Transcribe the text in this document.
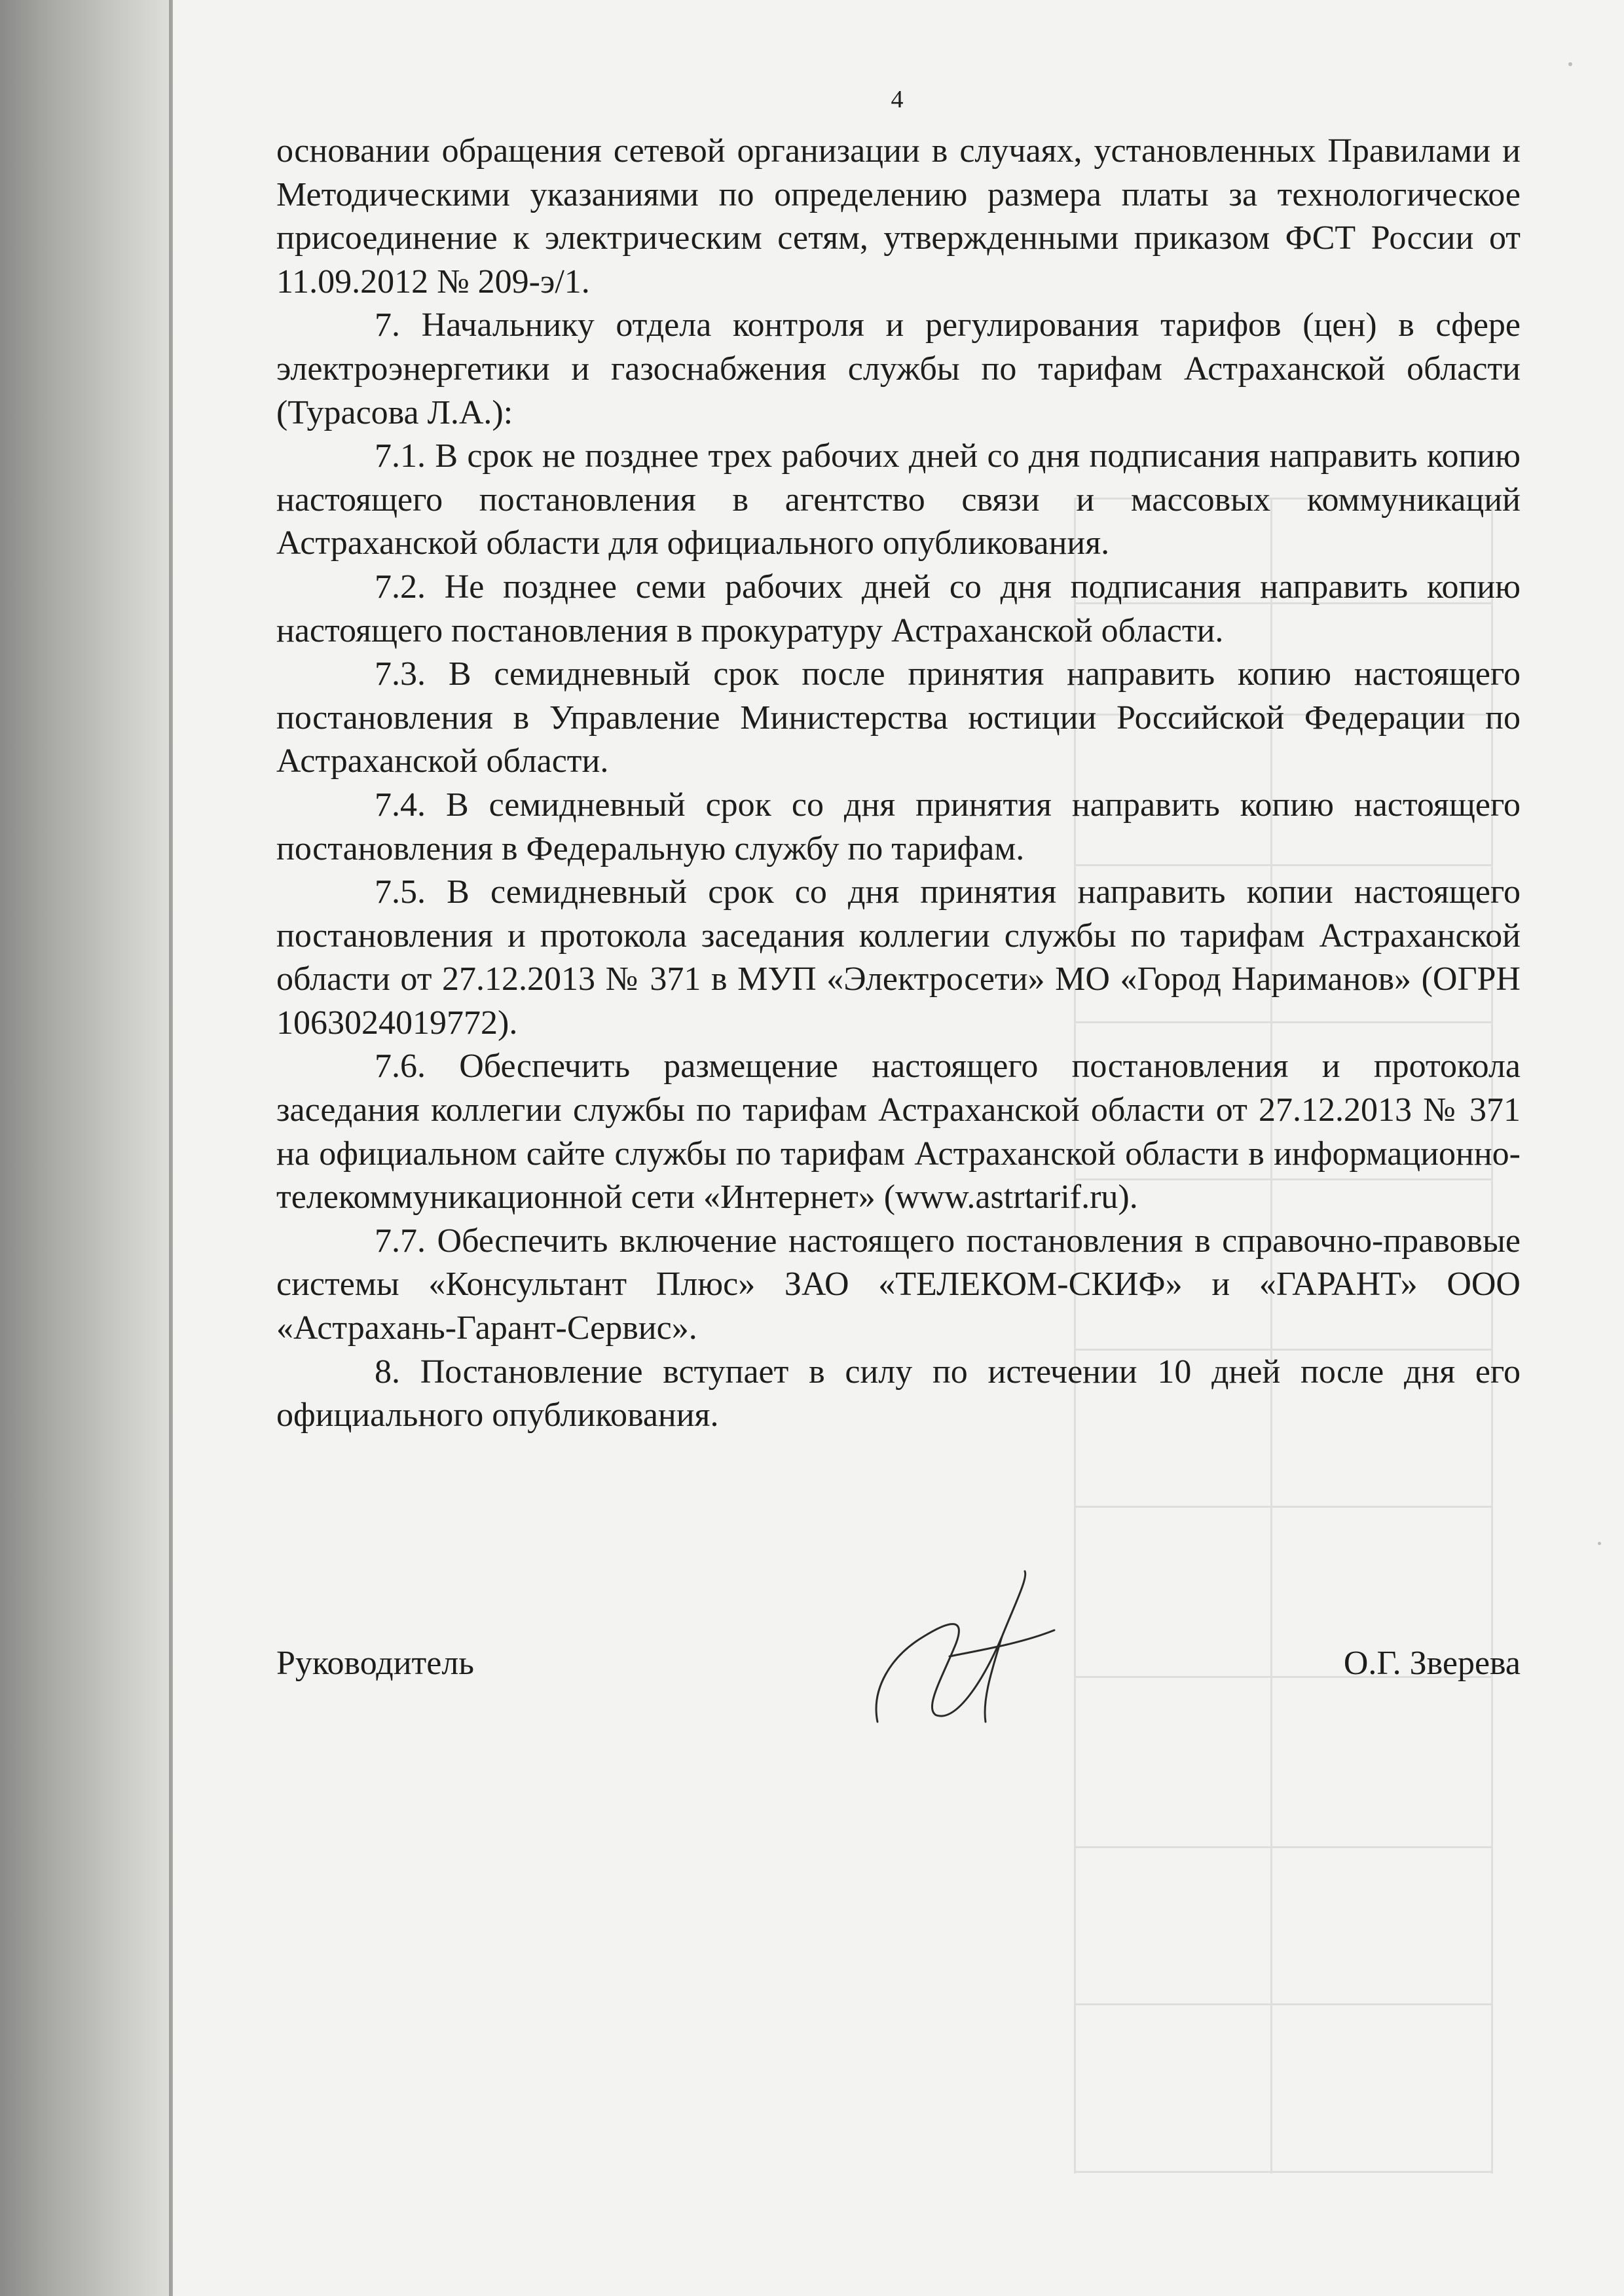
4

основании обращения сетевой организации в случаях, установленных Правилами и Методическими указаниями по определению размера платы за технологическое присоединение к электрическим сетям, утвержденными приказом ФСТ России от 11.09.2012 № 209-э/1.

7. Начальнику отдела контроля и регулирования тарифов (цен) в сфере электроэнергетики и газоснабжения службы по тарифам Астраханской области (Турасова Л.А.):

7.1. В срок не позднее трех рабочих дней со дня подписания направить копию настоящего постановления в агентство связи и массовых коммуникаций Астраханской области для официального опубликования.

7.2. Не позднее семи рабочих дней со дня подписания направить копию настоящего постановления в прокуратуру Астраханской области.

7.3. В семидневный срок после принятия направить копию настоящего постановления в Управление Министерства юстиции Российской Федерации по Астраханской области.

7.4. В семидневный срок со дня принятия направить копию настоящего постановления в Федеральную службу по тарифам.

7.5. В семидневный срок со дня принятия направить копии настоящего постановления и протокола заседания коллегии службы по тарифам Астраханской области от 27.12.2013 № 371 в МУП «Электросети» МО «Город Нариманов» (ОГРН 1063024019772).

7.6. Обеспечить размещение настоящего постановления и протокола заседания коллегии службы по тарифам Астраханской области от 27.12.2013 № 371 на официальном сайте службы по тарифам Астраханской области в информационно-телекоммуникационной сети «Интернет» (www.astrtarif.ru).

7.7. Обеспечить включение настоящего постановления в справочно-правовые системы «Консультант Плюс» ЗАО «ТЕЛЕКОМ-СКИФ» и «ГАРАНТ» ООО «Астрахань-Гарант-Сервис».

8. Постановление вступает в силу по истечении 10 дней после дня его официального опубликования.

Руководитель	О.Г. Зверева
